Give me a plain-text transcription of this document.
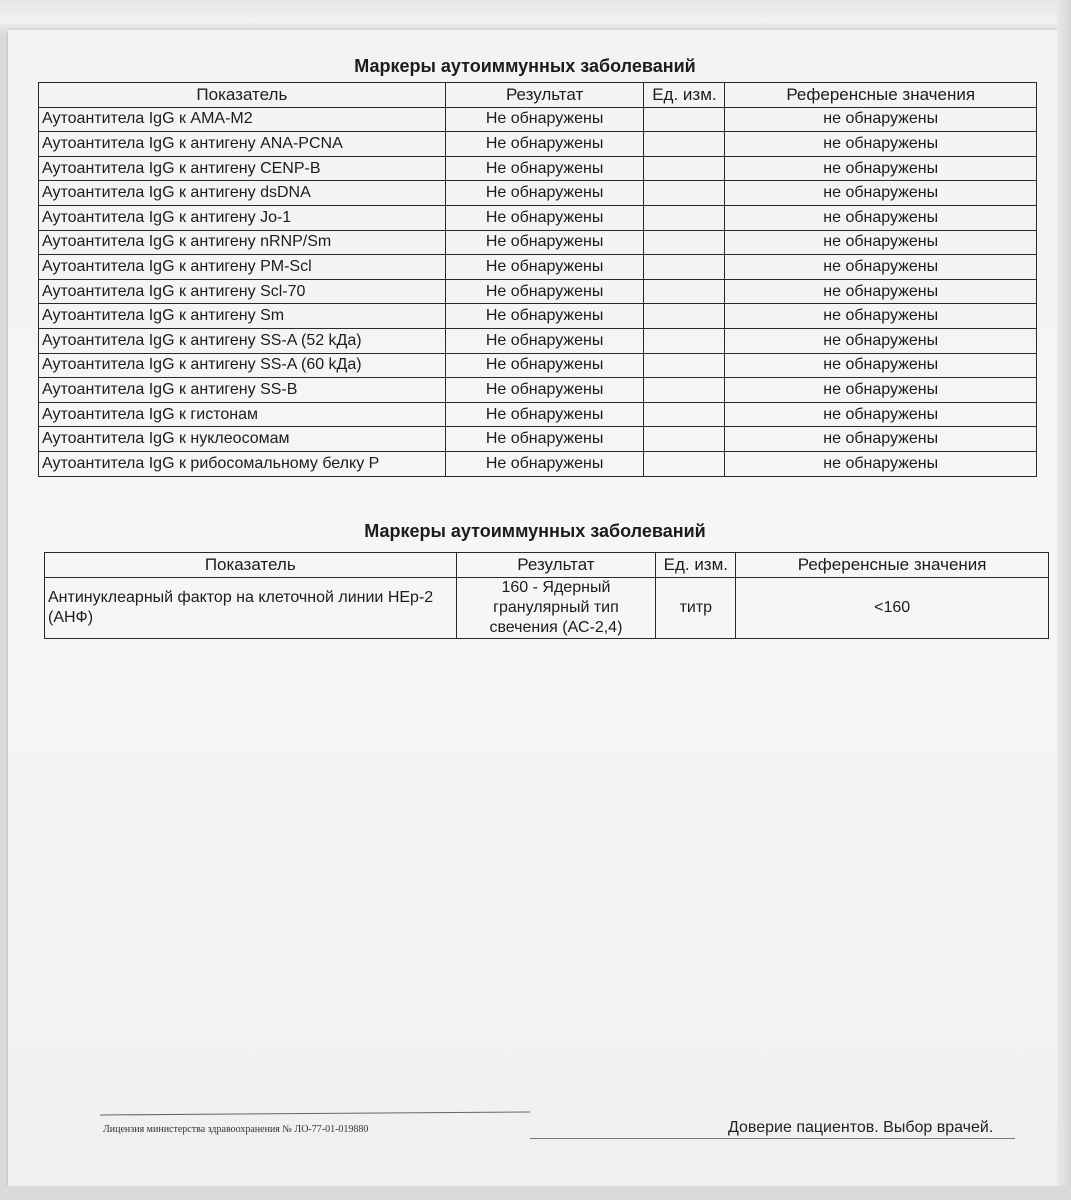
Маркеры аутоиммунных заболеваний
Показатель	Результат	Ед. изм.	Референсные значения
Аутоантитела IgG к АМА-М2	Не обнаружены		не обнаружены
Аутоантитела IgG к антигену ANA-PCNA	Не обнаружены		не обнаружены
Аутоантитела IgG к антигену CENP-B	Не обнаружены		не обнаружены
Аутоантитела IgG к антигену dsDNA	Не обнаружены		не обнаружены
Аутоантитела IgG к антигену Jo-1	Не обнаружены		не обнаружены
Аутоантитела IgG к антигену nRNP/Sm	Не обнаружены		не обнаружены
Аутоантитела IgG к антигену PM-Scl	Не обнаружены		не обнаружены
Аутоантитела IgG к антигену Scl-70	Не обнаружены		не обнаружены
Аутоантитела IgG к антигену Sm	Не обнаружены		не обнаружены
Аутоантитела IgG к антигену SS-A (52 kДа)	Не обнаружены		не обнаружены
Аутоантитела IgG к антигену SS-A (60 kДа)	Не обнаружены		не обнаружены
Аутоантитела IgG к антигену SS-B	Не обнаружены		не обнаружены
Аутоантитела IgG к гистонам	Не обнаружены		не обнаружены
Аутоантитела IgG к нуклеосомам	Не обнаружены		не обнаружены
Аутоантитела IgG к рибосомальному белку P	Не обнаружены		не обнаружены
Маркеры аутоиммунных заболеваний
Показатель	Результат	Ед. изм.	Референсные значения
Антинуклеарный фактор на клеточной линии HEp-2 (АНФ)	160 - Ядерный гранулярный тип свечения (АС-2,4)	титр	<160
Лицензия министерства здравоохранения № ЛО-77-01-019880	Доверие пациентов. Выбор врачей.
